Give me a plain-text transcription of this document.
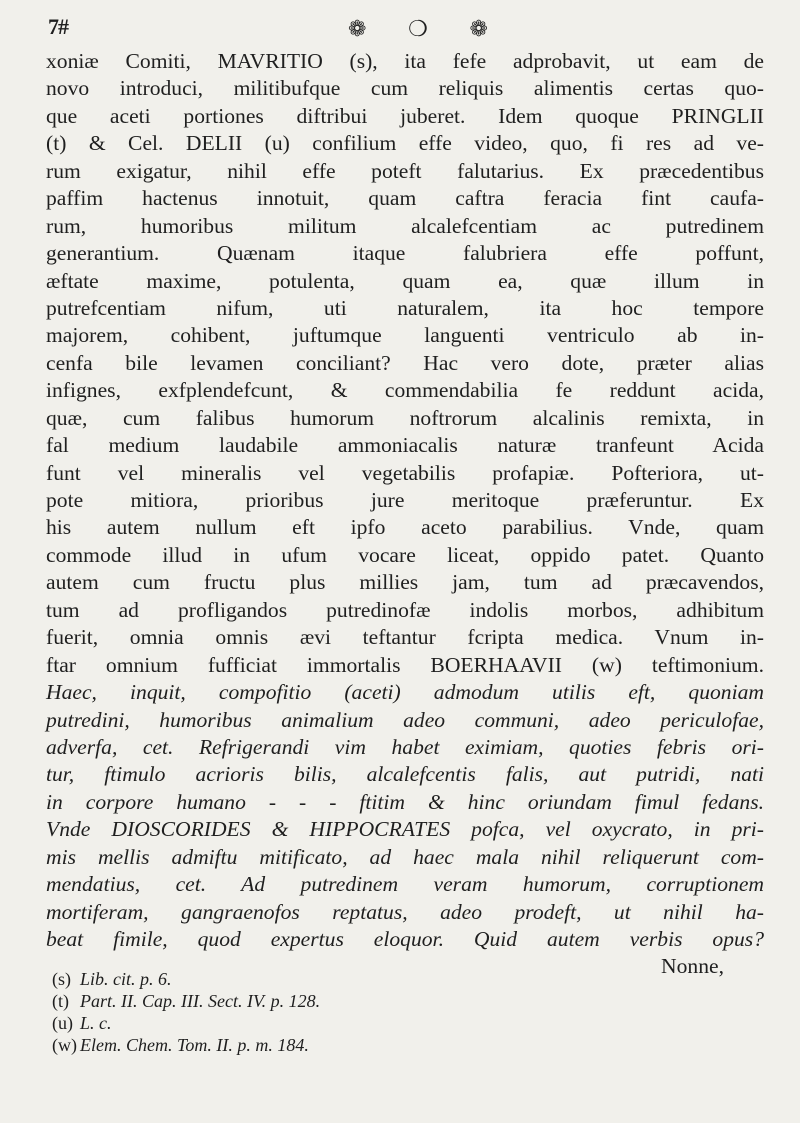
7#	❁ ❍ ❁
xoniæ Comiti, MAVRITIO (s), ita fefe adprobavit, ut eam de
novo introduci, militibufque cum reliquis alimentis certas quo-
que aceti portiones diftribui juberet. Idem quoque PRINGLII
(t) & Cel. DELII (u) confilium effe video, quo, fi res ad ve-
rum exigatur, nihil effe poteft falutarius. Ex præcedentibus
paffim hactenus innotuit, quam caftra feracia fint caufa-
rum, humoribus militum alcalefcentiam ac putredinem
generantium. Quænam itaque falubriera effe poffunt,
æftate maxime, potulenta, quam ea, quæ illum in
putrefcentiam nifum, uti naturalem, ita hoc tempore
majorem, cohibent, juftumque languenti ventriculo ab in-
cenfa bile levamen conciliant? Hac vero dote, præter alias
infignes, exfplendefcunt, & commendabilia fe reddunt acida,
quæ, cum falibus humorum noftrorum alcalinis remixta, in
fal medium laudabile ammoniacalis naturæ tranfeunt Acida
funt vel mineralis vel vegetabilis profapiæ. Pofteriora, ut-
pote mitiora, prioribus jure meritoque præferuntur. Ex
his autem nullum eft ipfo aceto parabilius. Vnde, quam
commode illud in ufum vocare liceat, oppido patet. Quanto
autem cum fructu plus millies jam, tum ad præcavendos,
tum ad profligandos putredinofæ indolis morbos, adhibitum
fuerit, omnia omnis ævi teftantur fcripta medica. Vnum in-
ftar omnium fufficiat immortalis BOERHAAVII (w) teftimonium.
Haec, inquit, compofitio (aceti) admodum utilis eft, quoniam
putredini, humoribus animalium adeo communi, adeo periculofae,
adverfa, cet. Refrigerandi vim habet eximiam, quoties febris ori-
tur, ftimulo acrioris bilis, alcalefcentis falis, aut putridi, nati
in corpore humano - - - ftitim & hinc oriundam fimul fedans.
Vnde DIOSCORIDES & HIPPOCRATES pofca, vel oxycrato, in pri-
mis mellis admiftu mitificato, ad haec mala nihil reliquerunt com-
mendatius, cet. Ad putredinem veram humorum, corruptionem
mortiferam, gangraenofos reptatus, adeo prodeft, ut nihil ha-
beat fimile, quod expertus eloquor. Quid autem verbis opus?
Nonne,
(s) Lib. cit. p. 6.
(t) Part. II. Cap. III. Sect. IV. p. 128.
(u) L. c.
(w) Elem. Chem. Tom. II. p. m. 184.
